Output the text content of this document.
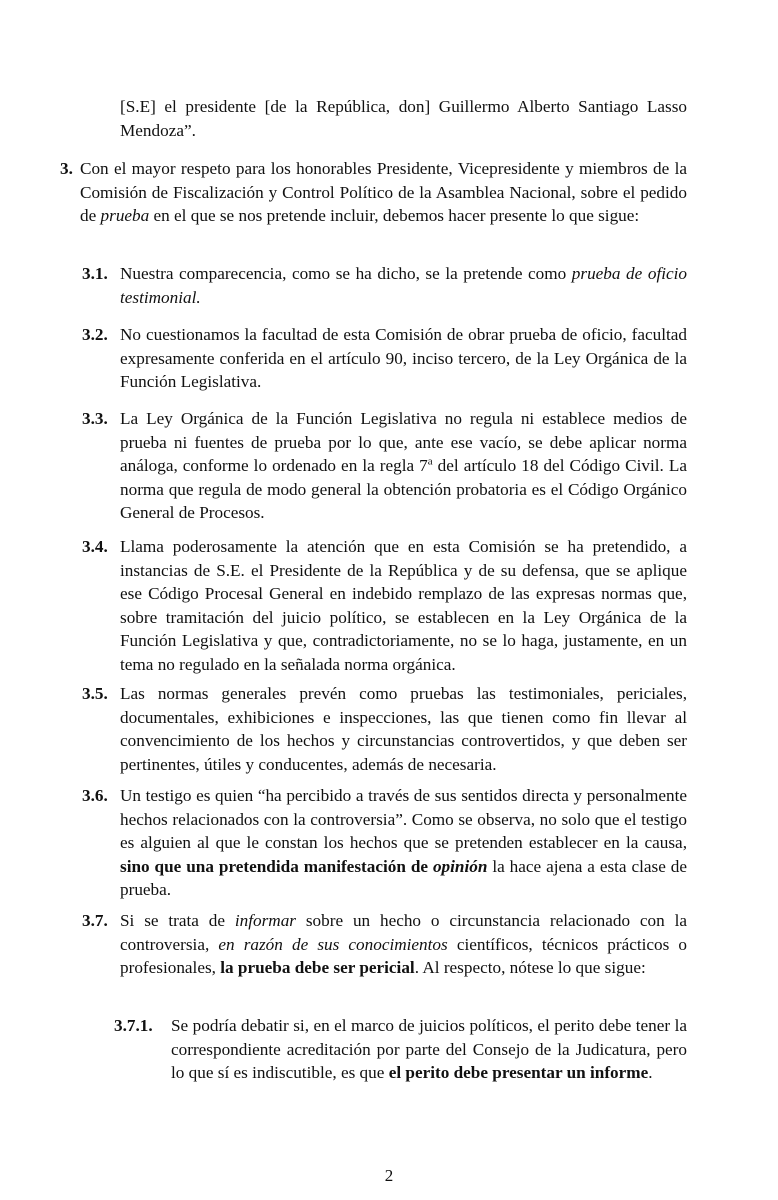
[S.E] el presidente [de la República, don] Guillermo Alberto Santiago Lasso Mendoza”.
3. Con el mayor respeto para los honorables Presidente, Vicepresidente y miembros de la Comisión de Fiscalización y Control Político de la Asamblea Nacional, sobre el pedido de prueba en el que se nos pretende incluir, debemos hacer presente lo que sigue:
3.1. Nuestra comparecencia, como se ha dicho, se la pretende como prueba de oficio testimonial.
3.2. No cuestionamos la facultad de esta Comisión de obrar prueba de oficio, facultad expresamente conferida en el artículo 90, inciso tercero, de la Ley Orgánica de la Función Legislativa.
3.3. La Ley Orgánica de la Función Legislativa no regula ni establece medios de prueba ni fuentes de prueba por lo que, ante ese vacío, se debe aplicar norma análoga, conforme lo ordenado en la regla 7$^a$ del artículo 18 del Código Civil. La norma que regula de modo general la obtención probatoria es el Código Orgánico General de Procesos.
3.4. Llama poderosamente la atención que en esta Comisión se ha pretendido, a instancias de S.E. el Presidente de la República y de su defensa, que se aplique ese Código Procesal General en indebido remplazo de las expresas normas que, sobre tramitación del juicio político, se establecen en la Ley Orgánica de la Función Legislativa y que, contradictoriamente, no se lo haga, justamente, en un tema no regulado en la señalada norma orgánica.
3.5. Las normas generales prevén como pruebas las testimoniales, periciales, documentales, exhibiciones e inspecciones, las que tienen como fin llevar al convencimiento de los hechos y circunstancias controvertidos, y que deben ser pertinentes, útiles y conducentes, además de necesaria.
3.6. Un testigo es quien “ha percibido a través de sus sentidos directa y personalmente hechos relacionados con la controversia”. Como se observa, no solo que el testigo es alguien al que le constan los hechos que se pretenden establecer en la causa, sino que una pretendida manifestación de opinión la hace ajena a esta clase de prueba.
3.7. Si se trata de informar sobre un hecho o circunstancia relacionado con la controversia, en razón de sus conocimientos científicos, técnicos prácticos o profesionales, la prueba debe ser pericial. Al respecto, nótese lo que sigue:
3.7.1. Se podría debatir si, en el marco de juicios políticos, el perito debe tener la correspondiente acreditación por parte del Consejo de la Judicatura, pero lo que sí es indiscutible, es que el perito debe presentar un informe.
2
